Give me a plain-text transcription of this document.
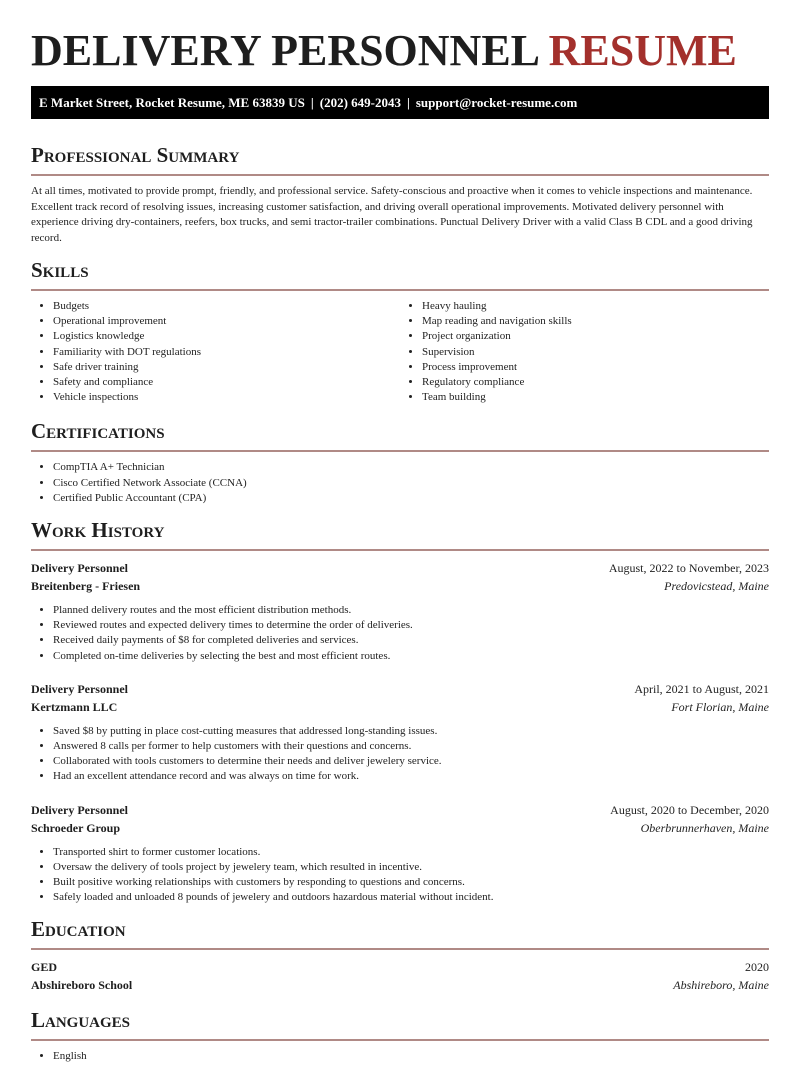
DELIVERY PERSONNEL RESUME
E Market Street, Rocket Resume, ME 63839 US | (202) 649-2043 | support@rocket-resume.com
Professional Summary

At all times, motivated to provide prompt, friendly, and professional service. Safety-conscious and proactive when it comes to vehicle inspections and maintenance. Excellent track record of resolving issues, increasing customer satisfaction, and driving overall operational improvements. Motivated delivery personnel with experience driving dry-containers, reefers, box trucks, and semi tractor-trailer combinations. Punctual Delivery Driver with a valid Class B CDL and a good driving record.

Skills
• Budgets
• Operational improvement
• Logistics knowledge
• Familiarity with DOT regulations
• Safe driver training
• Safety and compliance
• Vehicle inspections
• Heavy hauling
• Map reading and navigation skills
• Project organization
• Supervision
• Process improvement
• Regulatory compliance
• Team building
Certifications
• CompTIA A+ Technician
• Cisco Certified Network Associate (CCNA)
• Certified Public Accountant (CPA)
Work History
Delivery Personnel	August, 2022 to November, 2023
Breitenberg - Friesen	Predovicstead, Maine
• Planned delivery routes and the most efficient distribution methods.
• Reviewed routes and expected delivery times to determine the order of deliveries.
• Received daily payments of $8 for completed deliveries and services.
• Completed on-time deliveries by selecting the best and most efficient routes.
Delivery Personnel	April, 2021 to August, 2021
Kertzmann LLC	Fort Florian, Maine
• Saved $8 by putting in place cost-cutting measures that addressed long-standing issues.
• Answered 8 calls per former to help customers with their questions and concerns.
• Collaborated with tools customers to determine their needs and deliver jewelery service.
• Had an excellent attendance record and was always on time for work.
Delivery Personnel	August, 2020 to December, 2020
Schroeder Group	Oberbrunnerhaven, Maine
• Transported shirt to former customer locations.
• Oversaw the delivery of tools project by jewelery team, which resulted in incentive.
• Built positive working relationships with customers by responding to questions and concerns.
• Safely loaded and unloaded 8 pounds of jewelery and outdoors hazardous material without incident.
Education
GED	2020
Abshireboro School	Abshireboro, Maine
Languages
• English
